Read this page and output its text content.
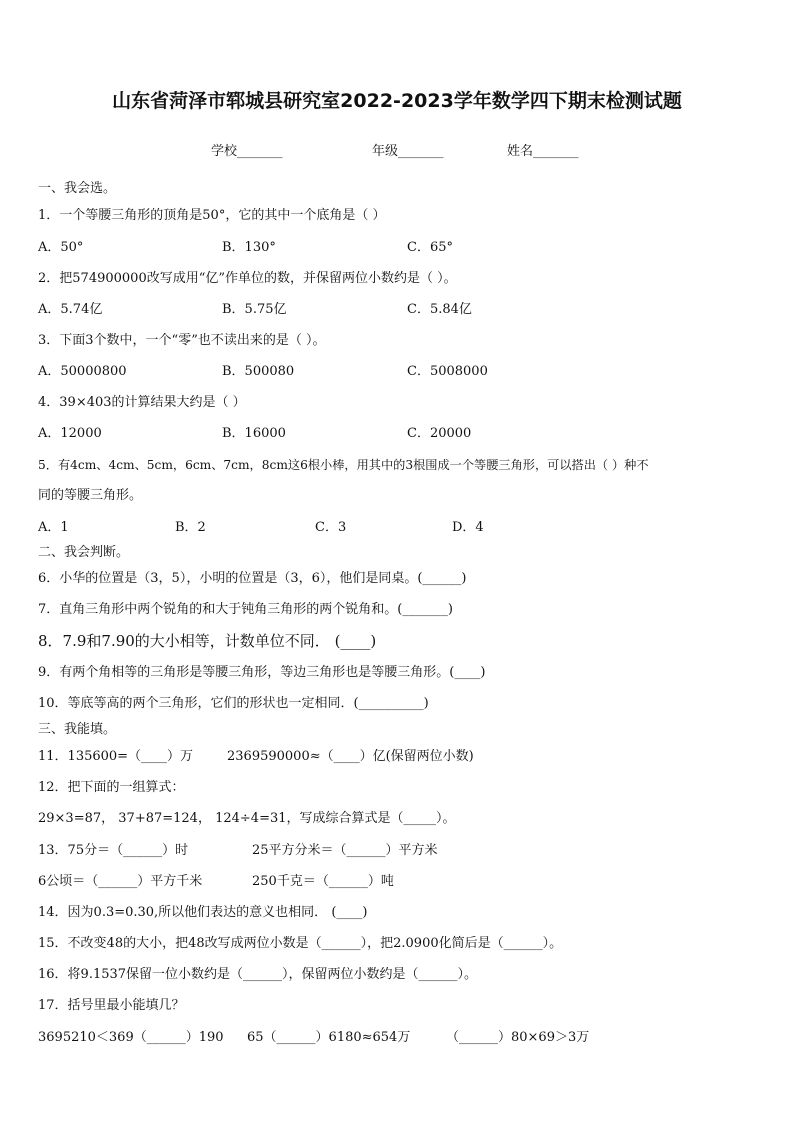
山东省菏泽市郓城县研究室2022-2023学年数学四下期末检测试题
学校_______	年级_______	姓名_______
一、我会选。
1．一个等腰三角形的顶角是50°，它的其中一个底角是（ ）
A．50°	B．130°	C．65°
2．把574900000改写成用“亿”作单位的数，并保留两位小数约是（ ）。
A．5.74亿	B．5.75亿	C．5.84亿
3．下面3个数中，一个“零”也不读出来的是（ ）。
A．50000800	B．500080	C．5008000
4．39×403的计算结果大约是（ ）
A．12000	B．16000	C．20000
5．有4cm、4cm、5cm，6cm、7cm，8cm这6根小棒，用其中的3根围成一个等腰三角形，可以搭出（ ）种不
同的等腰三角形。
A．1	B．2	C．3	D．4
二、我会判断。
6．小华的位置是（3，5），小明的位置是（3，6），他们是同桌。(______)
7．直角三角形中两个锐角的和大于钝角三角形的两个锐角和。(_______)
8．7.9和7.90的大小相等，计数单位不同． (____)
9．有两个角相等的三角形是等腰三角形，等边三角形也是等腰三角形。(____)
10．等底等高的两个三角形，它们的形状也一定相同．(__________)
三、我能填。
11．135600=（____）万	2369590000≈（____）亿(保留两位小数)
12．把下面的一组算式：
29×3=87， 37+87=124， 124÷4=31，写成综合算式是（_____）。
13．75分＝（______）时	25平方分米＝（______）平方米
6公顷＝（______）平方千米	250千克＝（______）吨
14．因为0.3=0.30,所以他们表达的意义也相同． (____)
15．不改变48的大小，把48改写成两位小数是（______），把2.0900化简后是（______）。
16．将9.1537保留一位小数约是（______），保留两位小数约是（______）。
17．括号里最小能填几？
3695210＜369（______）190 65（______）6180≈654万	（______）80×69＞3万
